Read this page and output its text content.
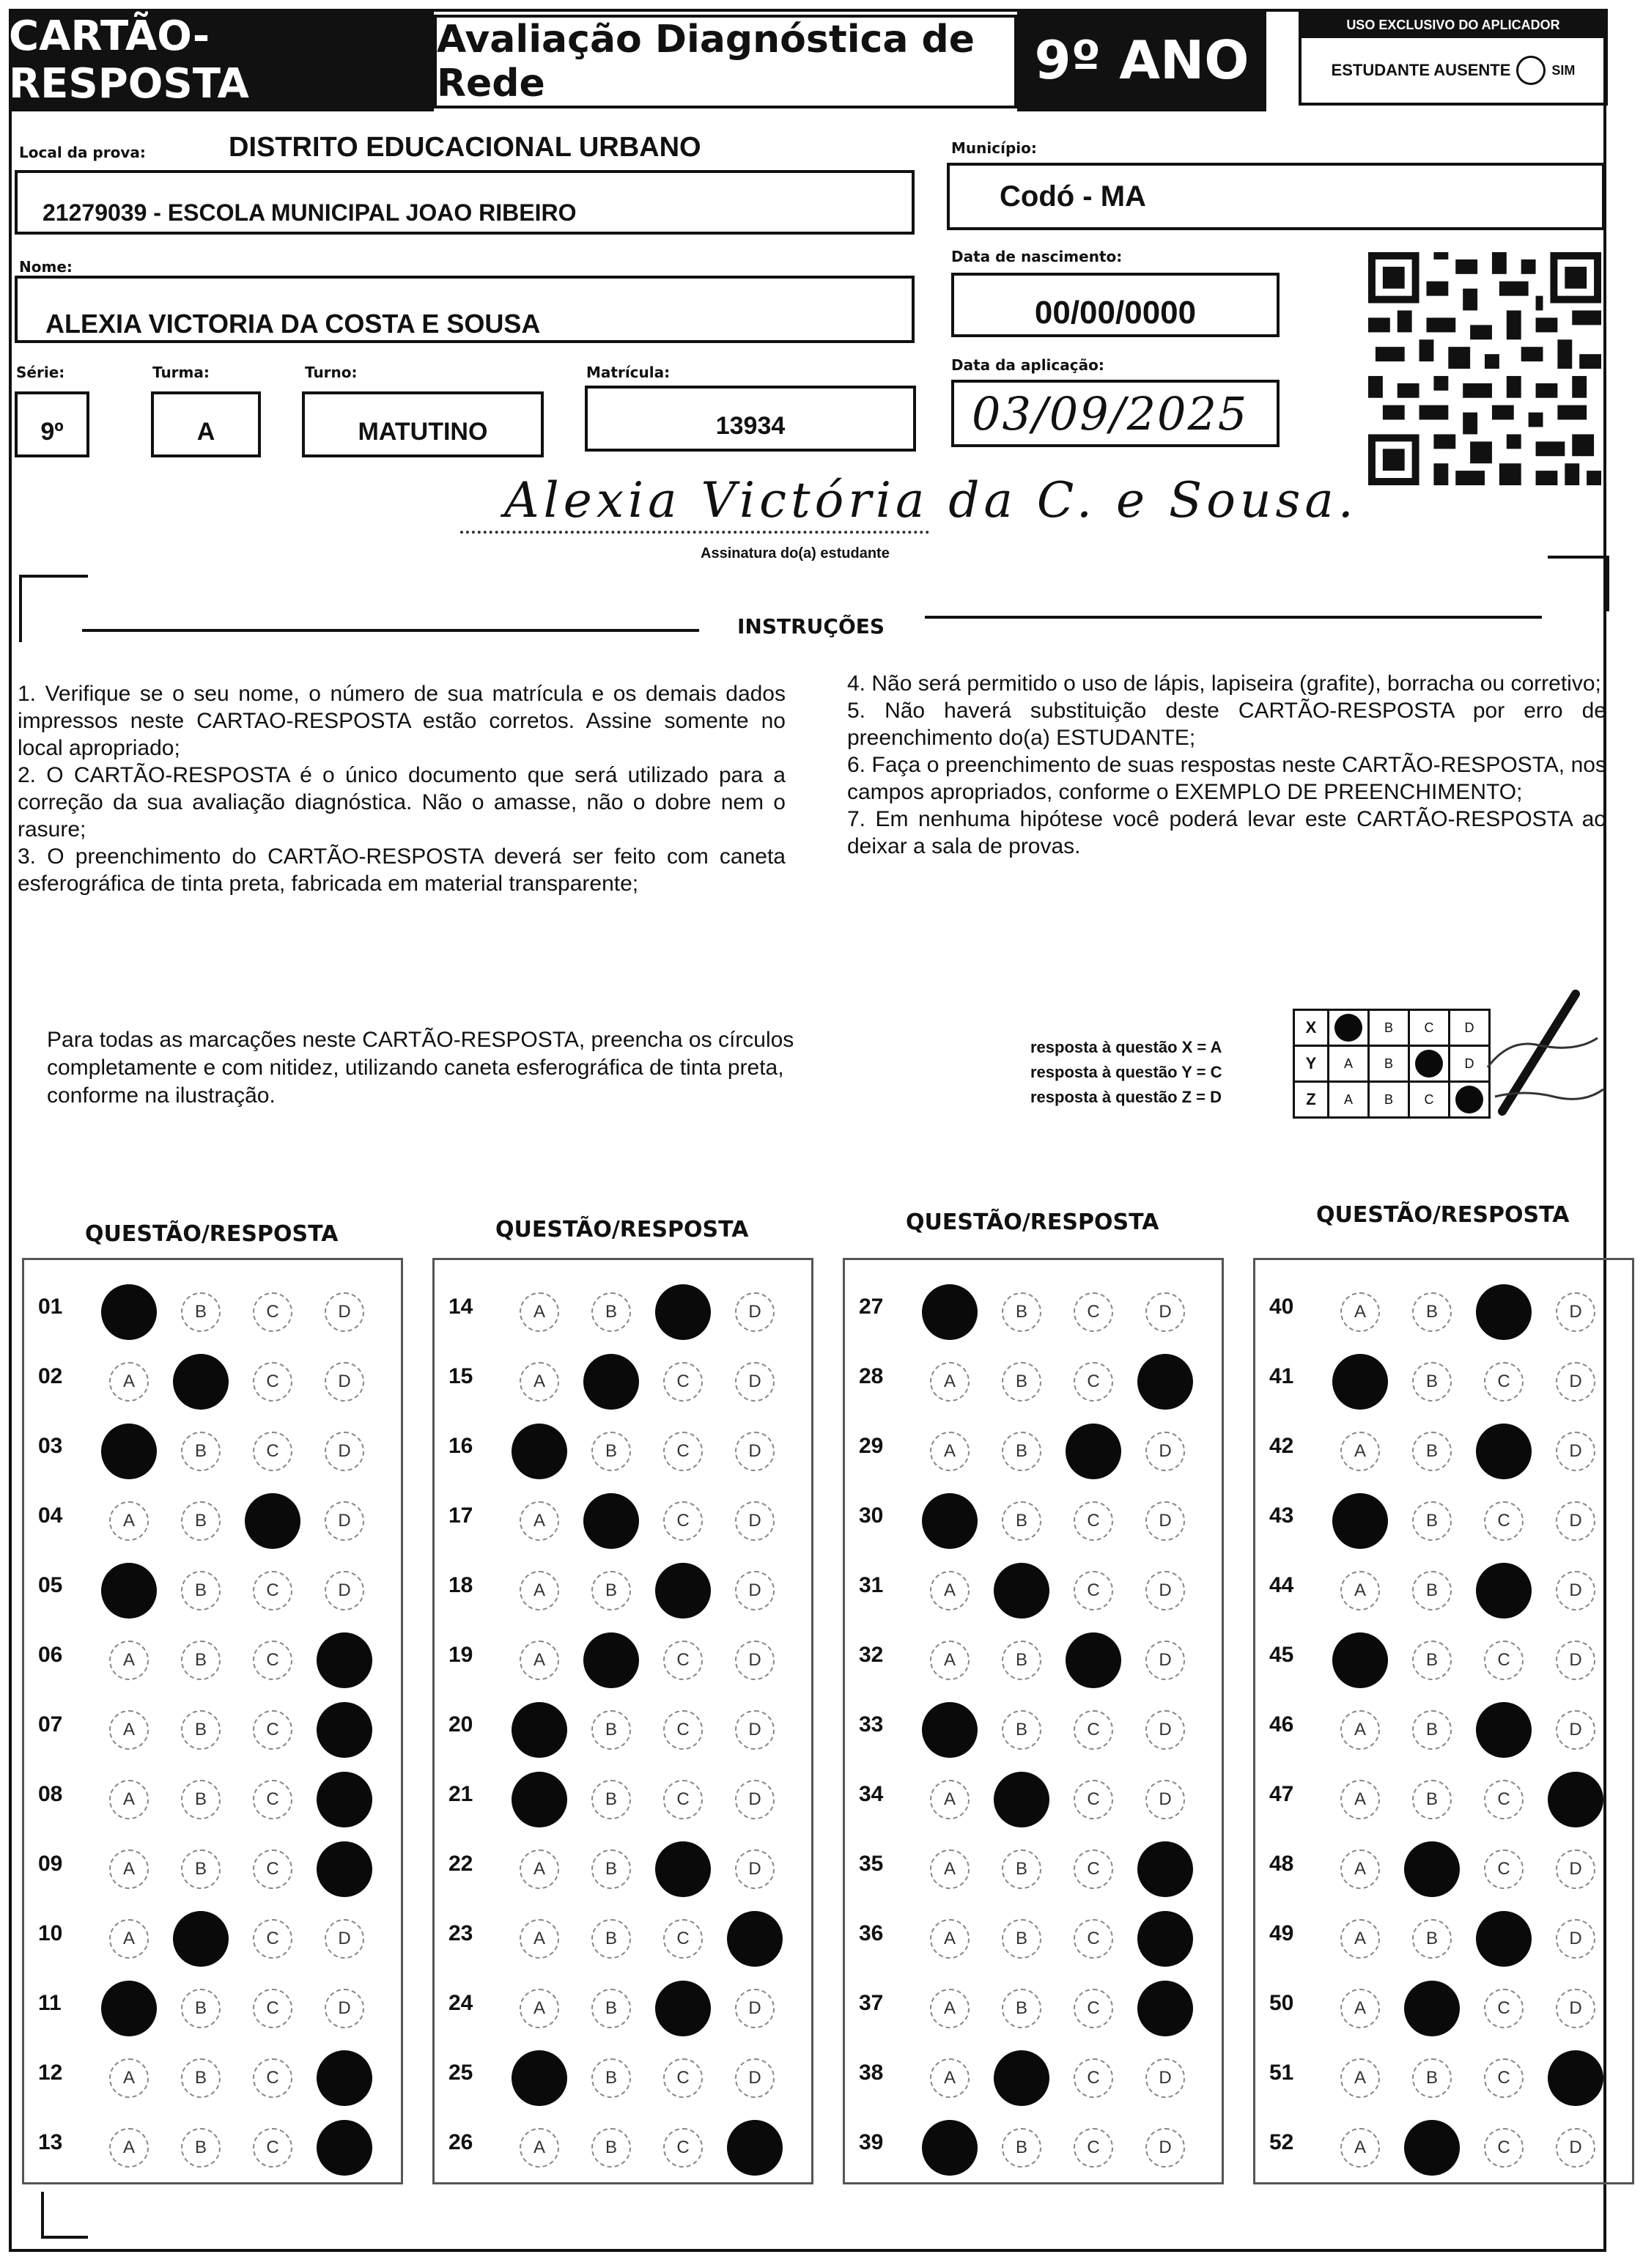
CARTÃO-RESPOSTA
Avaliação Diagnóstica de Rede	9º ANO
USO EXCLUSIVO DO APLICADOR
ESTUDANTE AUSENTE	SIM
Local da prova:	DISTRITO EDUCACIONAL URBANO
21279039 - ESCOLA MUNICIPAL JOAO RIBEIRO
Município:
Codó - MA
Nome:
ALEXIA VICTORIA DA COSTA E SOUSA
Data de nascimento:
00/00/0000
Série:
9º
Turma:
A
Turno:
MATUTINO
Matrícula:
13934
Data da aplicação:
03/09/2025
Alexia Victória da C. e Sousa.
Assinatura do(a) estudante
INSTRUÇÕES

1. Verifique se o seu nome, o número de sua matrícula e os demais dados impressos neste CARTAO-RESPOSTA estão corretos. Assine somente no local apropriado;

2. O CARTÃO-RESPOSTA é o único documento que será utilizado para a correção da sua avaliação diagnóstica. Não o amasse, não o dobre nem o rasure;

3. O preenchimento do CARTÃO-RESPOSTA deverá ser feito com caneta esferográfica de tinta preta, fabricada em material transparente;

4. Não será permitido o uso de lápis, lapiseira (grafite), borracha ou corretivo;

5. Não haverá substituição deste CARTÃO-RESPOSTA por erro de preenchimento do(a) ESTUDANTE;

6. Faça o preenchimento de suas respostas neste CARTÃO-RESPOSTA, nos campos apropriados, conforme o EXEMPLO DE PREENCHIMENTO;

7. Em nenhuma hipótese você poderá levar este CARTÃO-RESPOSTA ao deixar a sala de provas.

Para todas as marcações neste CARTÃO-RESPOSTA, preencha os círculos completamente e com nitidez, utilizando caneta esferográfica de tinta preta, conforme na ilustração.
resposta à questão X = A
resposta à questão Y = C
resposta à questão Z = D
X		B	C	D
Y	A	B		D
Z	A	B	C	
QUESTÃO/RESPOSTA
01	B	C	D
02	A	C	D
03	B	C	D
04	A	B	D
05	B	C	D
06	A	B	C
07	A	B	C
08	A	B	C
09	A	B	C
10	A	C	D
11	B	C	D
12	A	B	C
13	A	B	C
QUESTÃO/RESPOSTA
14	A	B	D
15	A	C	D
16	B	C	D
17	A	C	D
18	A	B	D
19	A	C	D
20	B	C	D
21	B	C	D
22	A	B	D
23	A	B	C
24	A	B	D
25	B	C	D
26	A	B	C
QUESTÃO/RESPOSTA
27	B	C	D
28	A	B	C
29	A	B	D
30	B	C	D
31	A	C	D
32	A	B	D
33	B	C	D
34	A	C	D
35	A	B	C
36	A	B	C
37	A	B	C
38	A	C	D
39	B	C	D
QUESTÃO/RESPOSTA
40	A	B	D
41	B	C	D
42	A	B	D
43	B	C	D
44	A	B	D
45	B	C	D
46	A	B	D
47	A	B	C
48	A	C	D
49	A	B	D
50	A	C	D
51	A	B	C
52	A	C	D
